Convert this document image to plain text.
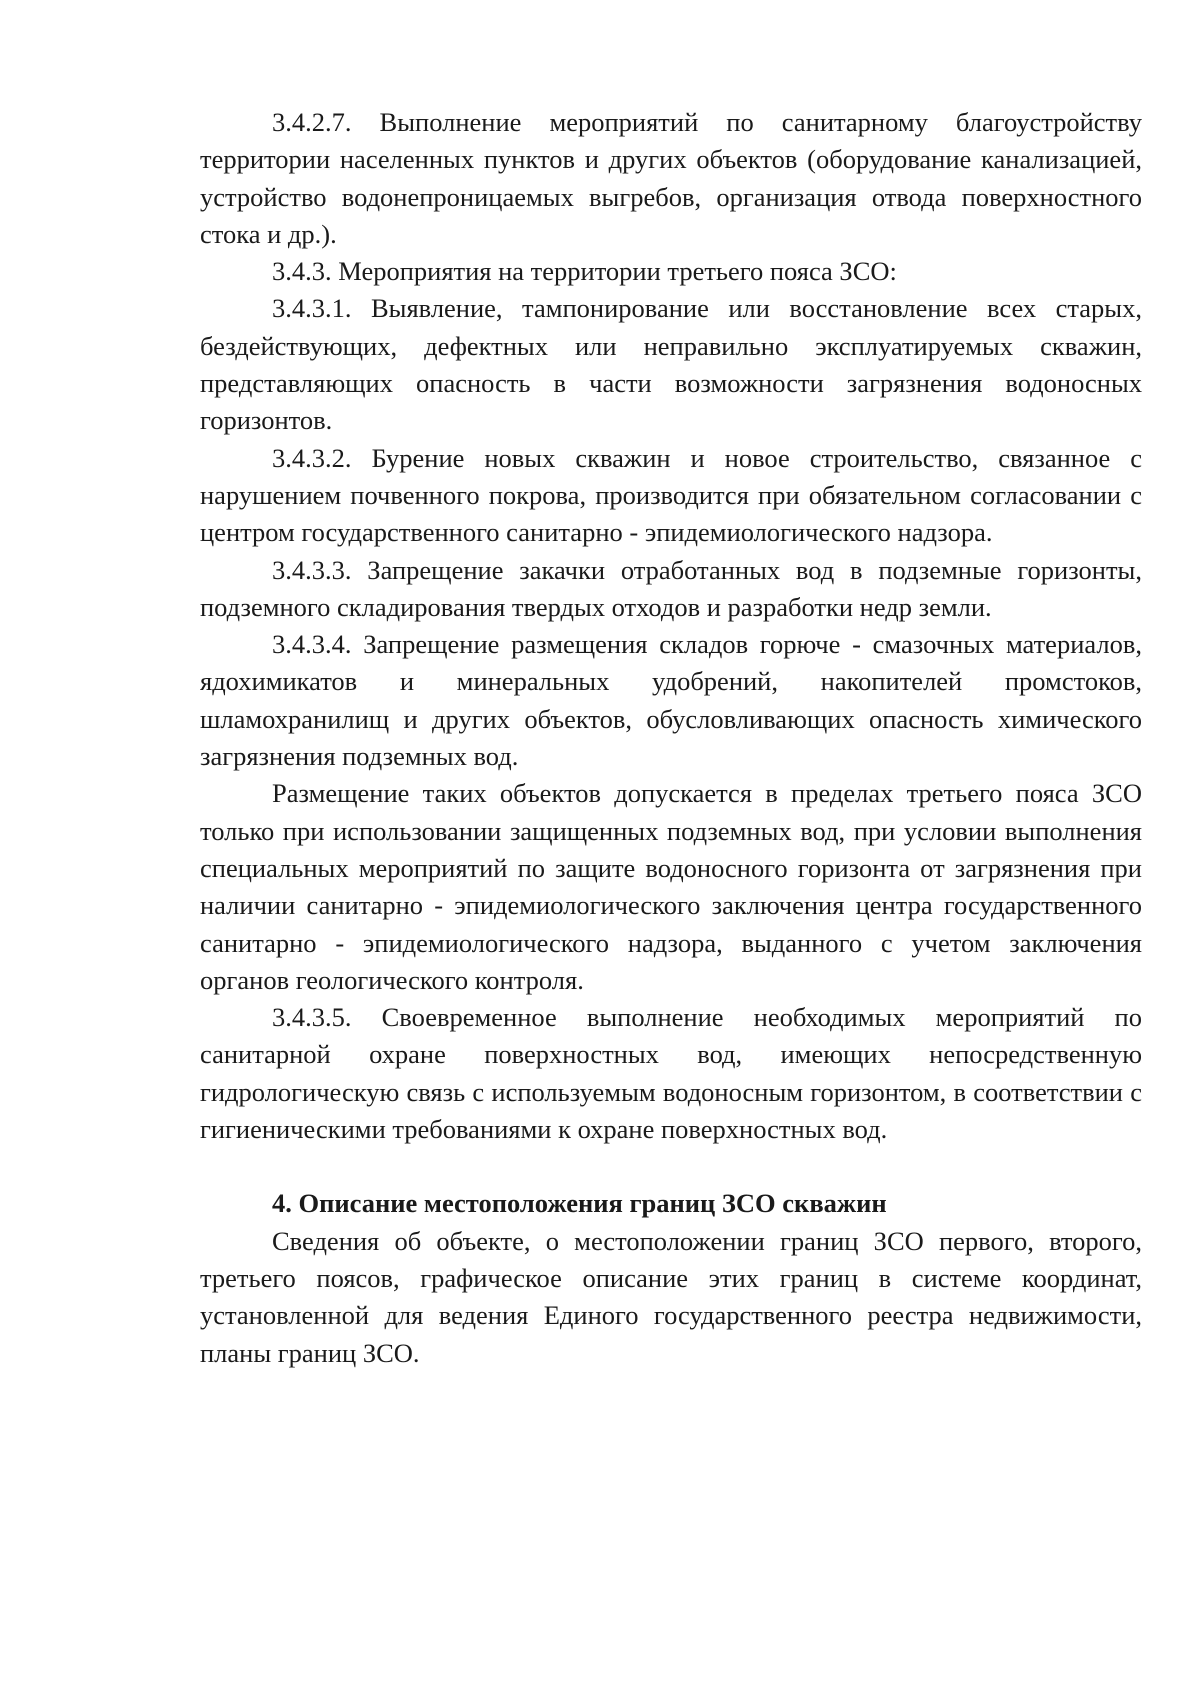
3.4.2.7. Выполнение мероприятий по санитарному благоустройству территории населенных пунктов и других объектов (оборудование канализацией, устройство водонепроницаемых выгребов, организация отвода поверхностного стока и др.).

3.4.3. Мероприятия на территории третьего пояса ЗСО:

3.4.3.1. Выявление, тампонирование или восстановление всех старых, бездействующих, дефектных или неправильно эксплуатируемых скважин, представляющих опасность в части возможности загрязнения водоносных горизонтов.

3.4.3.2. Бурение новых скважин и новое строительство, связанное с нарушением почвенного покрова, производится при обязательном согласовании с центром государственного санитарно - эпидемиологического надзора.

3.4.3.3. Запрещение закачки отработанных вод в подземные горизонты, подземного складирования твердых отходов и разработки недр земли.

3.4.3.4. Запрещение размещения складов горюче - смазочных материалов, ядохимикатов и минеральных удобрений, накопителей промстоков, шламохранилищ и других объектов, обусловливающих опасность химического загрязнения подземных вод.

Размещение таких объектов допускается в пределах третьего пояса ЗСО только при использовании защищенных подземных вод, при условии выполнения специальных мероприятий по защите водоносного горизонта от загрязнения при наличии санитарно - эпидемиологического заключения центра государственного санитарно - эпидемиологического надзора, выданного с учетом заключения органов геологического контроля.

3.4.3.5. Своевременное выполнение необходимых мероприятий по санитарной охране поверхностных вод, имеющих непосредственную гидрологическую связь с используемым водоносным горизонтом, в соответствии с гигиеническими требованиями к охране поверхностных вод.

4. Описание местоположения границ ЗСО скважин

Сведения об объекте, о местоположении границ ЗСО первого, второго, третьего поясов, графическое описание этих границ в системе координат, установленной для ведения Единого государственного реестра недвижимости, планы границ ЗСО.
